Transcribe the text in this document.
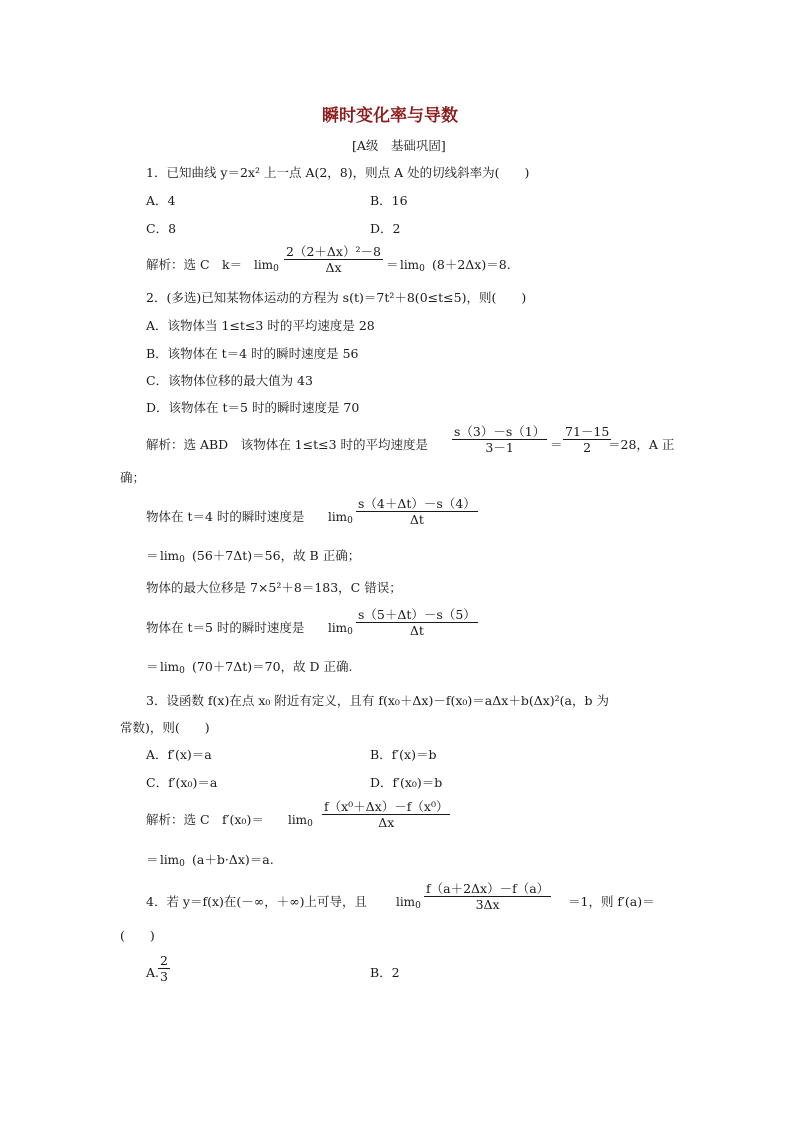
瞬时变化率与导数
[A级　基础巩固]
1．已知曲线 y＝2x² 上一点 A(2，8)，则点 A 处的切线斜率为(　　)
A．4	B．16
C．8	D．2
解析：选 C　$k= \lim_0$
2（2＋Δx）²－8
Δx	＝ $\lim_0 (8+2\Delta x)=8$.
2．(多选)已知某物体运动的方程为 s(t)＝7t²＋8(0≤t≤5)，则(　　)
A．该物体当 1≤t≤3 时的平均速度是 28
B．该物体在 t＝4 时的瞬时速度是 56
C．该物体位移的最大值为 43
D．该物体在 t＝5 时的瞬时速度是 70
解析：选 ABD　该物体在 1≤t≤3 时的平均速度是
s（3）－s（1）
3－1	＝
71－15
2 ＝28，A 正
确；
物体在 t＝4 时的瞬时速度是 $\lim_0$
s（4＋Δt）－s（4）
Δt
＝ $\lim_0 (56+7\Delta t)=56$，故 B 正确；
物体的最大位移是 7×5²＋8＝183，C 错误；
物体在 t＝5 时的瞬时速度是 $\lim_0$
s（5＋Δt）－s（5）
Δt
＝ $\lim_0 (70+7\Delta t)=70$，故 D 正确.
3．设函数 f(x)在点 x₀ 附近有定义，且有 f(x₀＋Δx)－f(x₀)＝aΔx＋b(Δx)²(a，b 为
常数)，则(　　)
A．f′(x)＝a	B．f′(x)＝b
C．f′(x₀)＝a	D．f′(x₀)＝b
解析：选 C　$f'(x_0)= \lim_0$
f（x⁰＋Δx）－f（x⁰）
Δx
＝ $\lim_0 (a+b\cdot\Delta x)=a$.
4．若 y＝f(x)在(－∞，＋∞)上可导，且 $\lim_0$
f（a＋2Δx）－f（a）
3Δx	＝1，则 f′(a)＝
(　　)
A.
2
3	B．2
